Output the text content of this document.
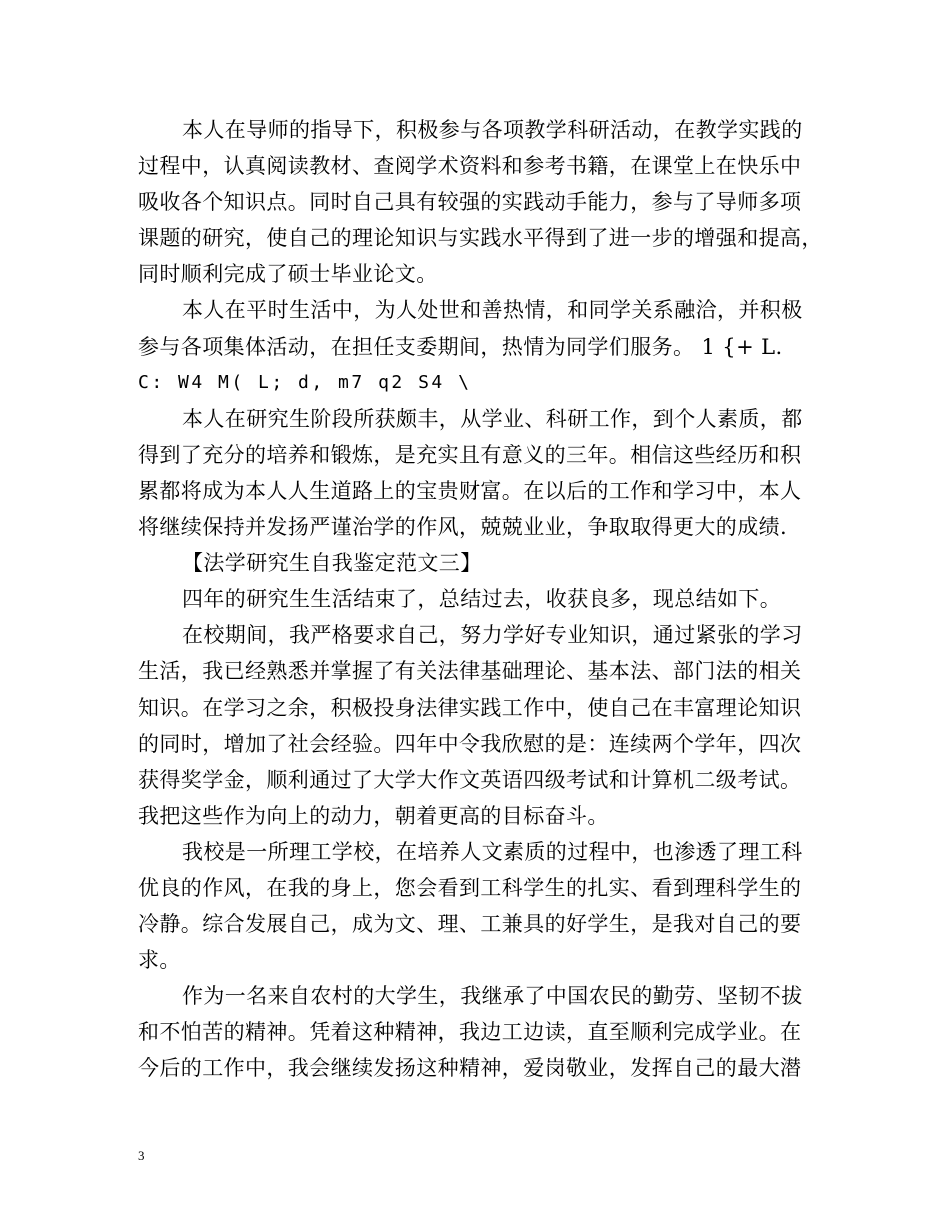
本人在导师的指导下，积极参与各项教学科研活动，在教学实践的
过程中，认真阅读教材、查阅学术资料和参考书籍，在课堂上在快乐中
吸收各个知识点。同时自己具有较强的实践动手能力，参与了导师多项
课题的研究，使自己的理论知识与实践水平得到了进一步的增强和提高，
同时顺利完成了硕士毕业论文。
本人在平时生活中，为人处世和善热情，和同学关系融洽，并积极
参与各项集体活动，在担任支委期间，热情为同学们服务。 1 {+ L.
C: W4 M( L; d, m7 q2 S4 \
本人在研究生阶段所获颇丰，从学业、科研工作，到个人素质，都
得到了充分的培养和锻炼，是充实且有意义的三年。相信这些经历和积
累都将成为本人人生道路上的宝贵财富。在以后的工作和学习中，本人
将继续保持并发扬严谨治学的作风，兢兢业业，争取取得更大的成绩.
【法学研究生自我鉴定范文三】
四年的研究生生活结束了，总结过去，收获良多，现总结如下。
在校期间，我严格要求自己，努力学好专业知识，通过紧张的学习
生活，我已经熟悉并掌握了有关法律基础理论、基本法、部门法的相关
知识。在学习之余，积极投身法律实践工作中，使自己在丰富理论知识
的同时，增加了社会经验。四年中令我欣慰的是：连续两个学年，四次
获得奖学金，顺利通过了大学大作文英语四级考试和计算机二级考试。
我把这些作为向上的动力，朝着更高的目标奋斗。
我校是一所理工学校，在培养人文素质的过程中，也渗透了理工科
优良的作风，在我的身上，您会看到工科学生的扎实、看到理科学生的
冷静。综合发展自己，成为文、理、工兼具的好学生，是我对自己的要
求。
作为一名来自农村的大学生，我继承了中国农民的勤劳、坚韧不拔
和不怕苦的精神。凭着这种精神，我边工边读，直至顺利完成学业。在
今后的工作中，我会继续发扬这种精神，爱岗敬业，发挥自己的最大潜
3
